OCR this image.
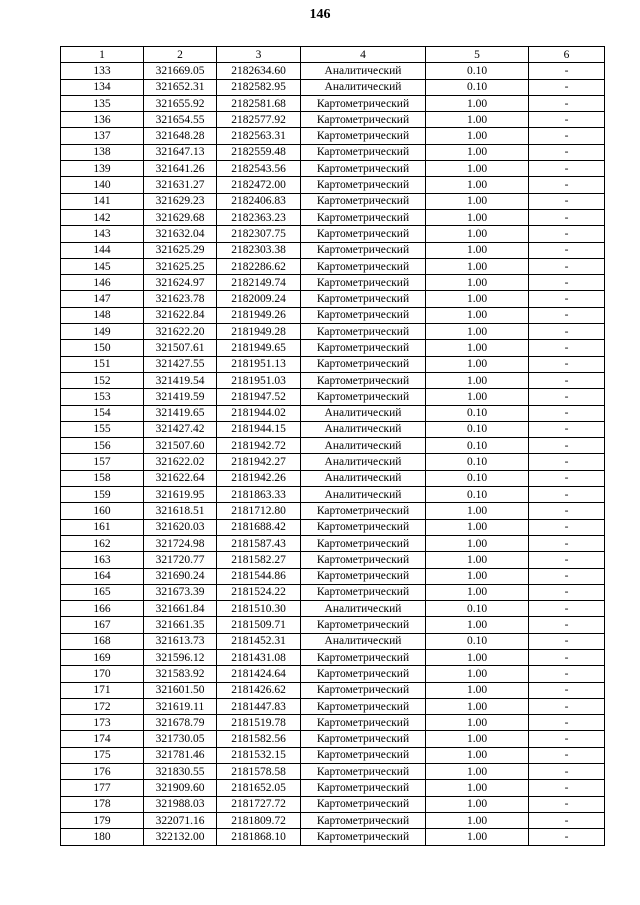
146
1	2	3	4	5	6
133	321669.05	2182634.60	Аналитический	0.10	-
134	321652.31	2182582.95	Аналитический	0.10	-
135	321655.92	2182581.68	Картометрический	1.00	-
136	321654.55	2182577.92	Картометрический	1.00	-
137	321648.28	2182563.31	Картометрический	1.00	-
138	321647.13	2182559.48	Картометрический	1.00	-
139	321641.26	2182543.56	Картометрический	1.00	-
140	321631.27	2182472.00	Картометрический	1.00	-
141	321629.23	2182406.83	Картометрический	1.00	-
142	321629.68	2182363.23	Картометрический	1.00	-
143	321632.04	2182307.75	Картометрический	1.00	-
144	321625.29	2182303.38	Картометрический	1.00	-
145	321625.25	2182286.62	Картометрический	1.00	-
146	321624.97	2182149.74	Картометрический	1.00	-
147	321623.78	2182009.24	Картометрический	1.00	-
148	321622.84	2181949.26	Картометрический	1.00	-
149	321622.20	2181949.28	Картометрический	1.00	-
150	321507.61	2181949.65	Картометрический	1.00	-
151	321427.55	2181951.13	Картометрический	1.00	-
152	321419.54	2181951.03	Картометрический	1.00	-
153	321419.59	2181947.52	Картометрический	1.00	-
154	321419.65	2181944.02	Аналитический	0.10	-
155	321427.42	2181944.15	Аналитический	0.10	-
156	321507.60	2181942.72	Аналитический	0.10	-
157	321622.02	2181942.27	Аналитический	0.10	-
158	321622.64	2181942.26	Аналитический	0.10	-
159	321619.95	2181863.33	Аналитический	0.10	-
160	321618.51	2181712.80	Картометрический	1.00	-
161	321620.03	2181688.42	Картометрический	1.00	-
162	321724.98	2181587.43	Картометрический	1.00	-
163	321720.77	2181582.27	Картометрический	1.00	-
164	321690.24	2181544.86	Картометрический	1.00	-
165	321673.39	2181524.22	Картометрический	1.00	-
166	321661.84	2181510.30	Аналитический	0.10	-
167	321661.35	2181509.71	Картометрический	1.00	-
168	321613.73	2181452.31	Аналитический	0.10	-
169	321596.12	2181431.08	Картометрический	1.00	-
170	321583.92	2181424.64	Картометрический	1.00	-
171	321601.50	2181426.62	Картометрический	1.00	-
172	321619.11	2181447.83	Картометрический	1.00	-
173	321678.79	2181519.78	Картометрический	1.00	-
174	321730.05	2181582.56	Картометрический	1.00	-
175	321781.46	2181532.15	Картометрический	1.00	-
176	321830.55	2181578.58	Картометрический	1.00	-
177	321909.60	2181652.05	Картометрический	1.00	-
178	321988.03	2181727.72	Картометрический	1.00	-
179	322071.16	2181809.72	Картометрический	1.00	-
180	322132.00	2181868.10	Картометрический	1.00	-
